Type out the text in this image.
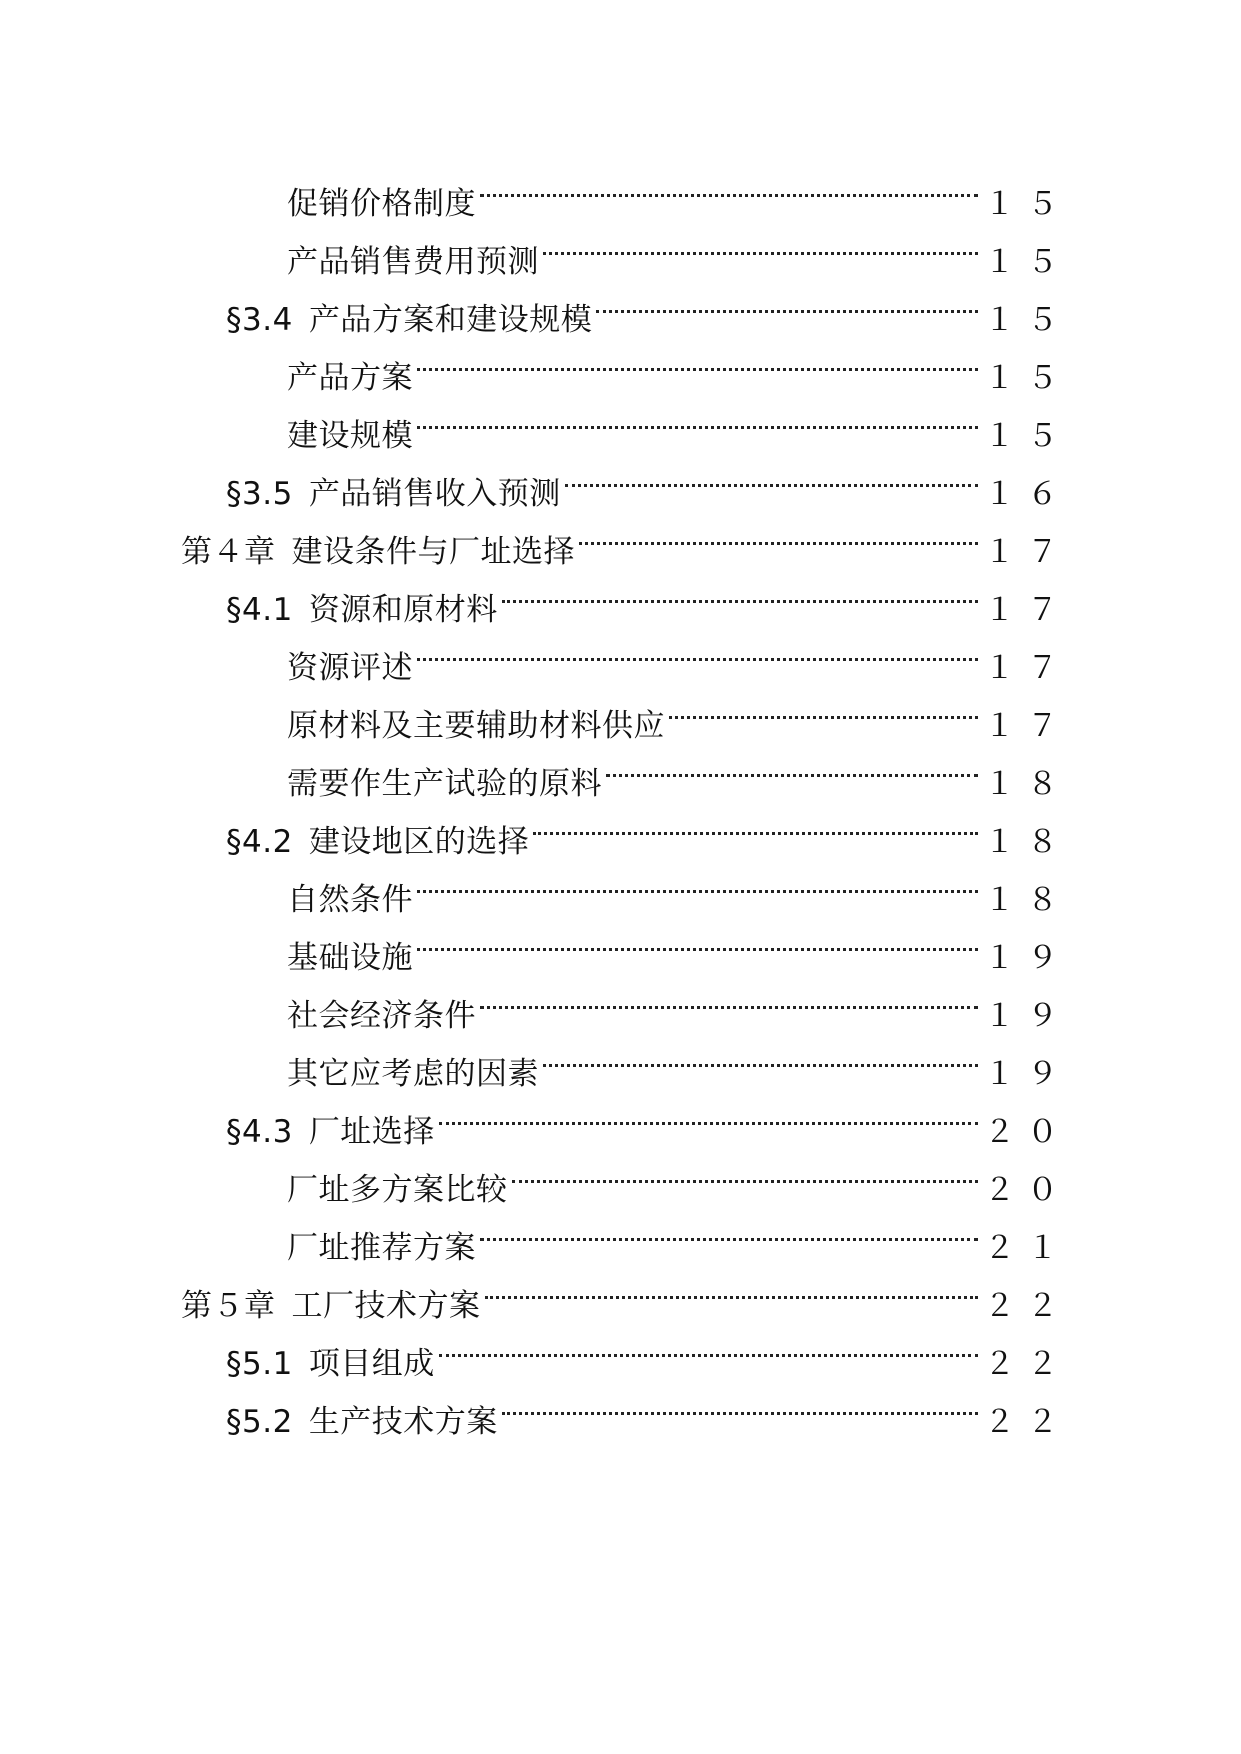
促销价格制度	１５
产品销售费用预测	１５
§3.4 产品方案和建设规模	１５
产品方案	１５
建设规模	１５
§3.5 产品销售收入预测	１６
第４章 建设条件与厂址选择	１７
§4.1 资源和原材料	１７
资源评述	１７
原材料及主要辅助材料供应	１７
需要作生产试验的原料	１８
§4.2 建设地区的选择	１８
自然条件	１８
基础设施	１９
社会经济条件	１９
其它应考虑的因素	１９
§4.3 厂址选择	２０
厂址多方案比较	２０
厂址推荐方案	２１
第５章 工厂技术方案	２２
§5.1 项目组成	２２
§5.2 生产技术方案	２２
